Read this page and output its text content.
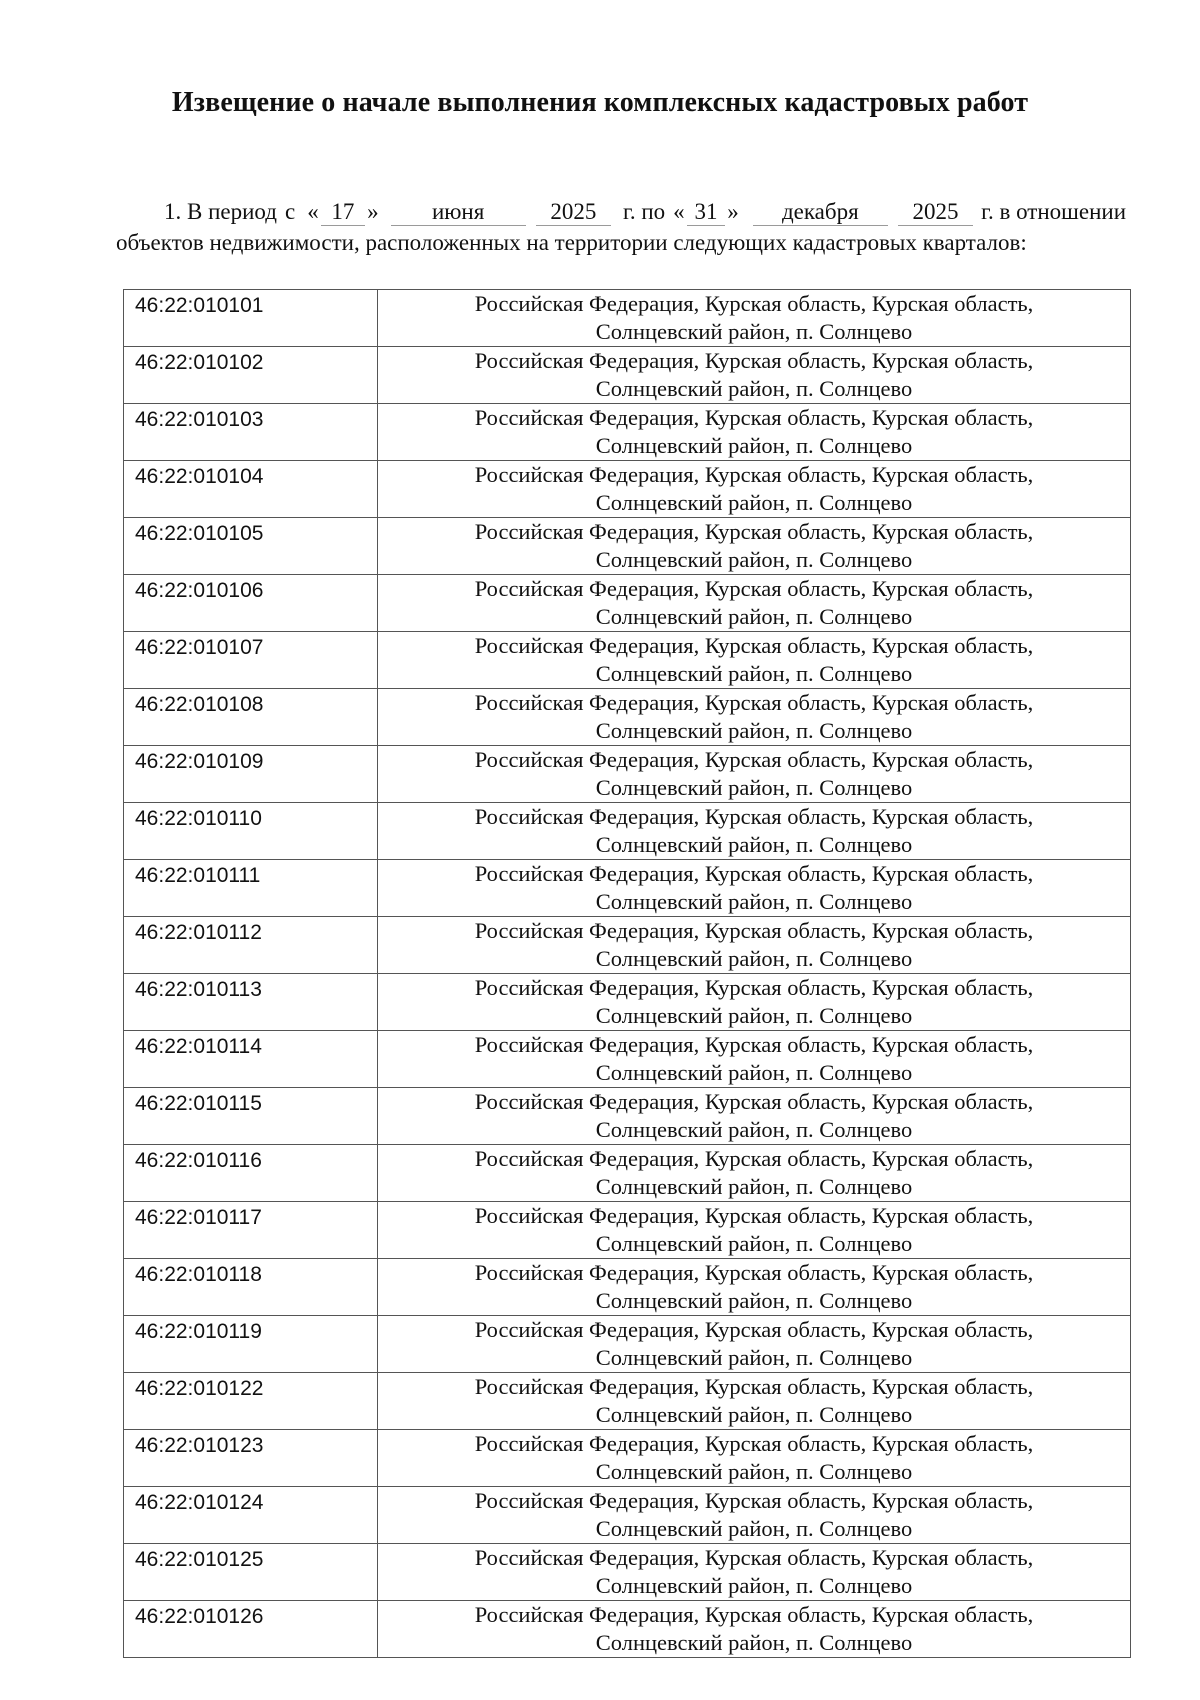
Извещение о начале выполнения комплексных кадастровых работ
1. В период с « 17 »	июня	2025	г. по « 31 »	декабря	2025 г. в отношении
объектов недвижимости, расположенных на территории следующих кадастровых кварталов:
46:22:010101	Российская Федерация, Курская область, Курская область,
Солнцевский район, п. Солнцево

46:22:010102	Российская Федерация, Курская область, Курская область,
Солнцевский район, п. Солнцево

46:22:010103	Российская Федерация, Курская область, Курская область,
Солнцевский район, п. Солнцево

46:22:010104	Российская Федерация, Курская область, Курская область,
Солнцевский район, п. Солнцево

46:22:010105	Российская Федерация, Курская область, Курская область,
Солнцевский район, п. Солнцево

46:22:010106	Российская Федерация, Курская область, Курская область,
Солнцевский район, п. Солнцево

46:22:010107	Российская Федерация, Курская область, Курская область,
Солнцевский район, п. Солнцево

46:22:010108	Российская Федерация, Курская область, Курская область,
Солнцевский район, п. Солнцево

46:22:010109	Российская Федерация, Курская область, Курская область,
Солнцевский район, п. Солнцево

46:22:010110	Российская Федерация, Курская область, Курская область,
Солнцевский район, п. Солнцево

46:22:010111	Российская Федерация, Курская область, Курская область,
Солнцевский район, п. Солнцево

46:22:010112	Российская Федерация, Курская область, Курская область,
Солнцевский район, п. Солнцево

46:22:010113	Российская Федерация, Курская область, Курская область,
Солнцевский район, п. Солнцево

46:22:010114	Российская Федерация, Курская область, Курская область,
Солнцевский район, п. Солнцево

46:22:010115	Российская Федерация, Курская область, Курская область,
Солнцевский район, п. Солнцево

46:22:010116	Российская Федерация, Курская область, Курская область,
Солнцевский район, п. Солнцево

46:22:010117	Российская Федерация, Курская область, Курская область,
Солнцевский район, п. Солнцево

46:22:010118	Российская Федерация, Курская область, Курская область,
Солнцевский район, п. Солнцево

46:22:010119	Российская Федерация, Курская область, Курская область,
Солнцевский район, п. Солнцево

46:22:010122	Российская Федерация, Курская область, Курская область,
Солнцевский район, п. Солнцево

46:22:010123	Российская Федерация, Курская область, Курская область,
Солнцевский район, п. Солнцево

46:22:010124	Российская Федерация, Курская область, Курская область,
Солнцевский район, п. Солнцево

46:22:010125	Российская Федерация, Курская область, Курская область,
Солнцевский район, п. Солнцево

46:22:010126	Российская Федерация, Курская область, Курская область,
Солнцевский район, п. Солнцево
